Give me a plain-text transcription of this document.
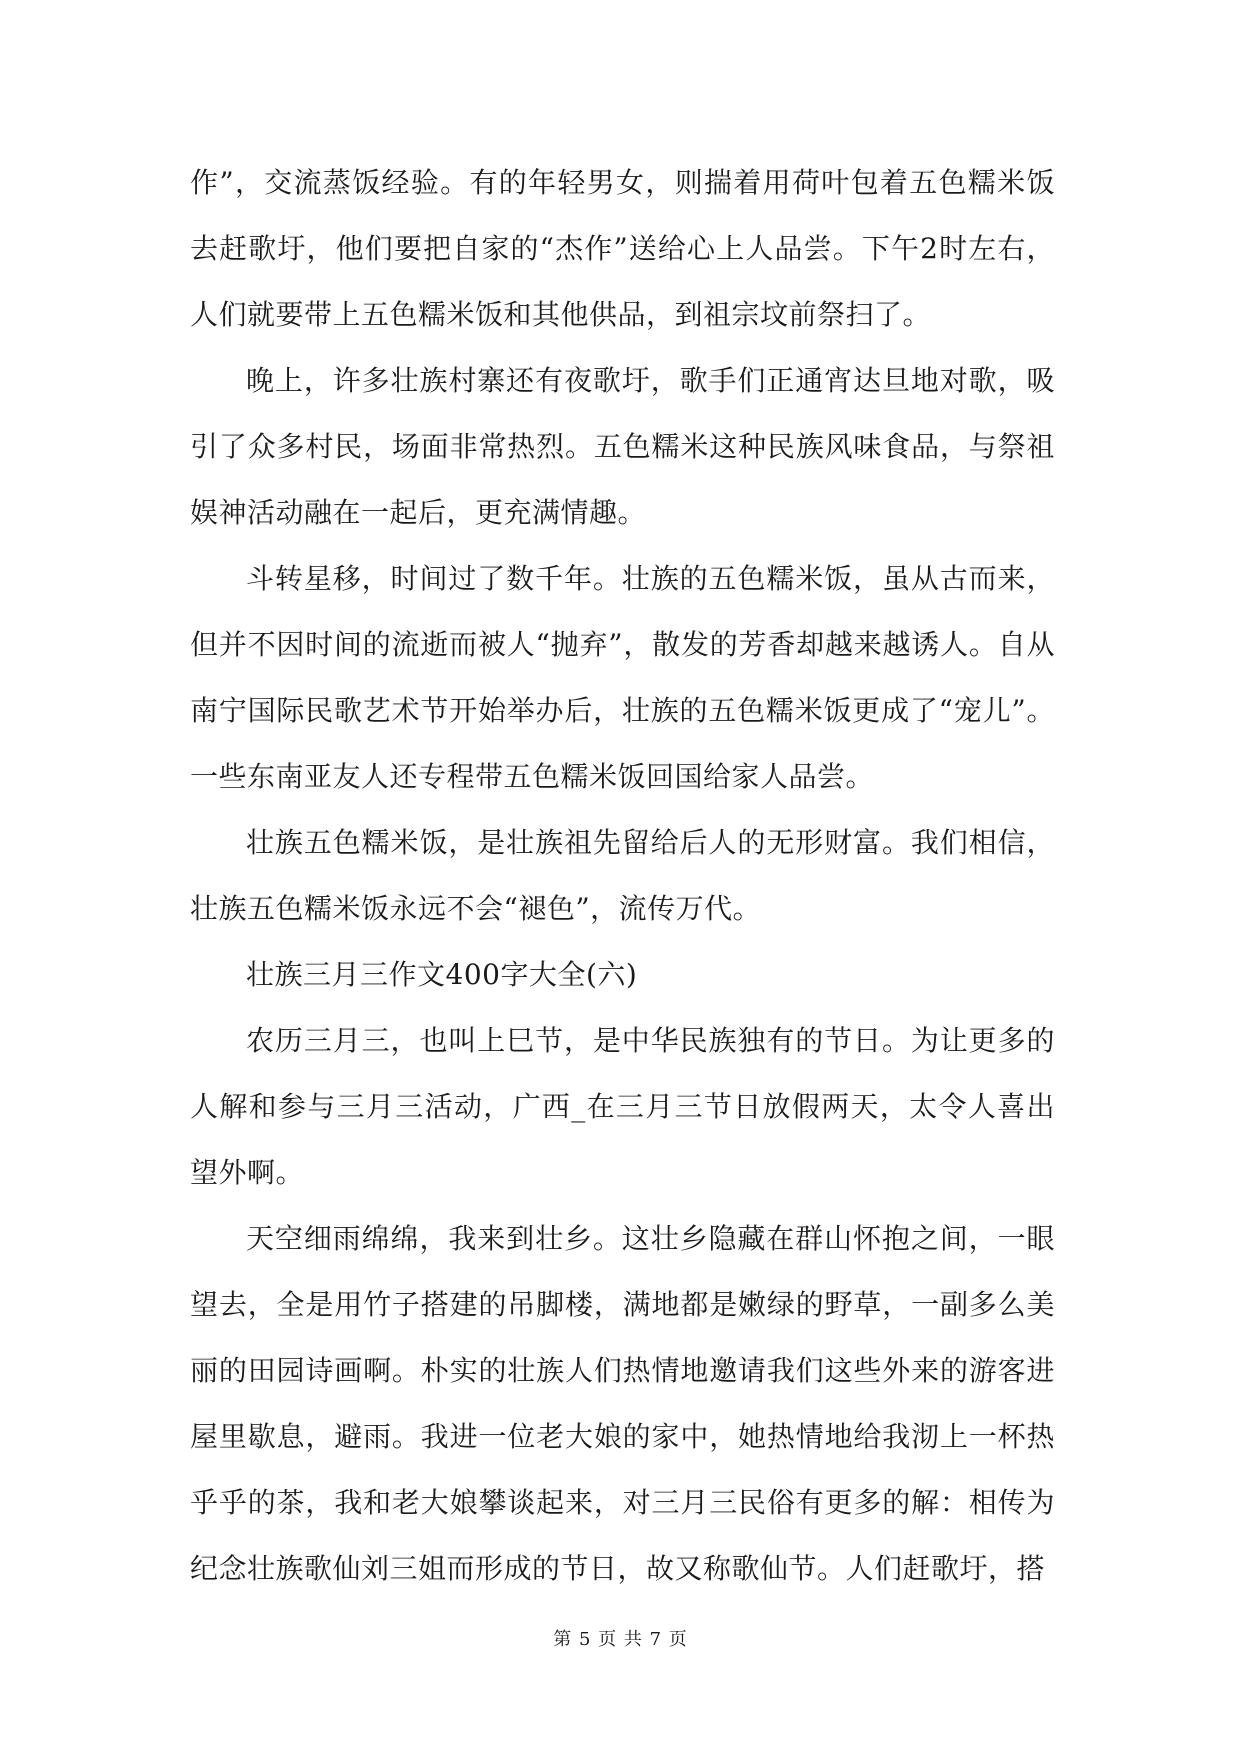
作”，交流蒸饭经验。有的年轻男女，则揣着用荷叶包着五色糯米饭去赶歌圩，他们要把自家的“杰作”送给心上人品尝。下午2时左右，人们就要带上五色糯米饭和其他供品，到祖宗坟前祭扫了。

晚上，许多壮族村寨还有夜歌圩，歌手们正通宵达旦地对歌，吸引了众多村民，场面非常热烈。五色糯米这种民族风味食品，与祭祖娱神活动融在一起后，更充满情趣。

斗转星移，时间过了数千年。壮族的五色糯米饭，虽从古而来，但并不因时间的流逝而被人“抛弃”，散发的芳香却越来越诱人。自从南宁国际民歌艺术节开始举办后，壮族的五色糯米饭更成了“宠儿”。一些东南亚友人还专程带五色糯米饭回国给家人品尝。

壮族五色糯米饭，是壮族祖先留给后人的无形财富。我们相信，壮族五色糯米饭永远不会“褪色”，流传万代。

壮族三月三作文400字大全(六)

农历三月三，也叫上巳节，是中华民族独有的节日。为让更多的人解和参与三月三活动，广西_在三月三节日放假两天，太令人喜出望外啊。

天空细雨绵绵，我来到壮乡。这壮乡隐藏在群山怀抱之间，一眼望去，全是用竹子搭建的吊脚楼，满地都是嫩绿的野草，一副多么美丽的田园诗画啊。朴实的壮族人们热情地邀请我们这些外来的游客进屋里歇息，避雨。我进一位老大娘的家中，她热情地给我沏上一杯热乎乎的茶，我和老大娘攀谈起来，对三月三民俗有更多的解：相传为纪念壮族歌仙刘三姐而形成的节日，故又称歌仙节。人们赶歌圩，搭

第 5 页 共 7 页
